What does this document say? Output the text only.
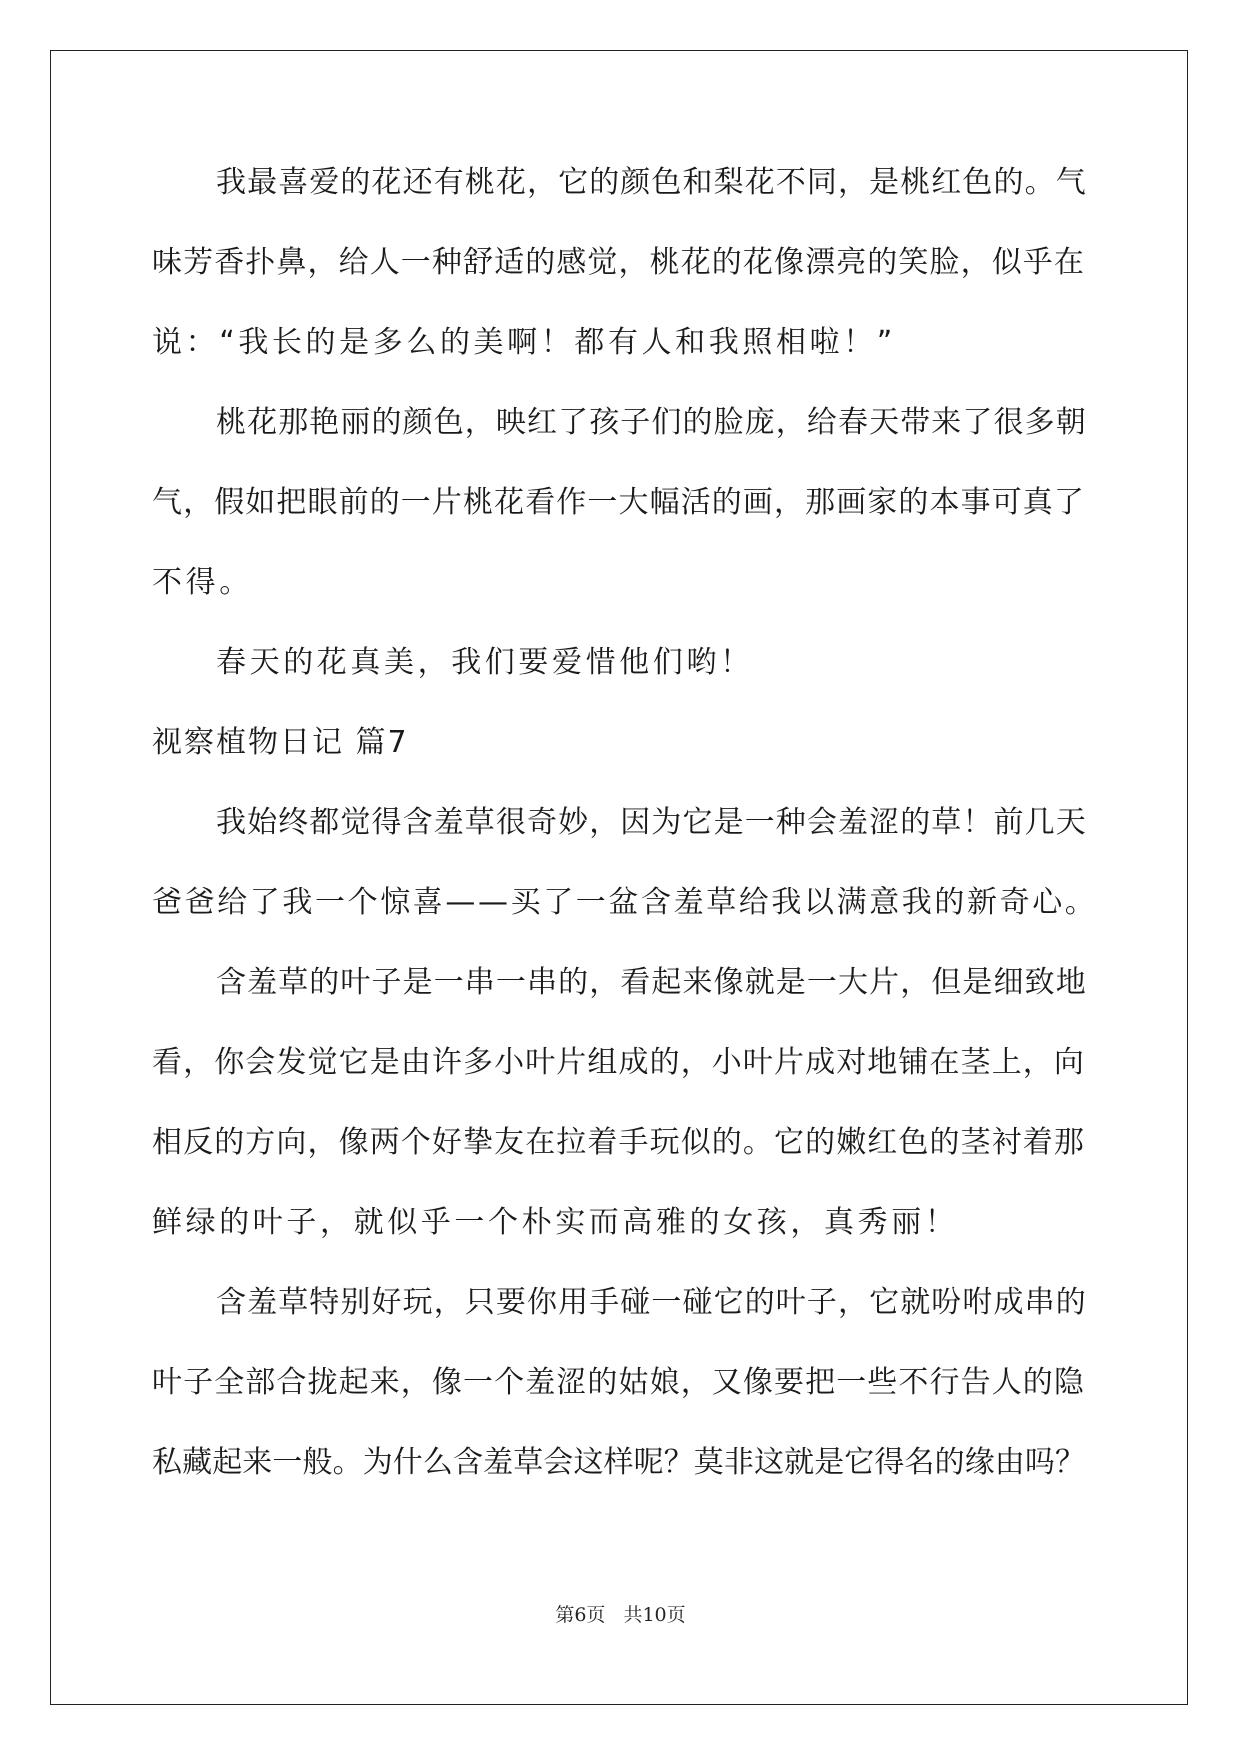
我最喜爱的花还有桃花，它的颜色和梨花不同，是桃红色的。气
味芳香扑鼻，给人一种舒适的感觉，桃花的花像漂亮的笑脸，似乎在
说：“我长的是多么的美啊！都有人和我照相啦！”
桃花那艳丽的颜色，映红了孩子们的脸庞，给春天带来了很多朝
气，假如把眼前的一片桃花看作一大幅活的画，那画家的本事可真了
不得。
春天的花真美，我们要爱惜他们哟！
视察植物日记 篇7
我始终都觉得含羞草很奇妙，因为它是一种会羞涩的草！前几天
爸爸给了我一个惊喜——买了一盆含羞草给我以满意我的新奇心。
含羞草的叶子是一串一串的，看起来像就是一大片，但是细致地
看，你会发觉它是由许多小叶片组成的，小叶片成对地铺在茎上，向
相反的方向，像两个好挚友在拉着手玩似的。它的嫩红色的茎衬着那
鲜绿的叶子，就似乎一个朴实而高雅的女孩，真秀丽！
含羞草特别好玩，只要你用手碰一碰它的叶子，它就吩咐成串的
叶子全部合拢起来，像一个羞涩的姑娘，又像要把一些不行告人的隐
私藏起来一般。为什么含羞草会这样呢？莫非这就是它得名的缘由吗？
第6页 共10页
